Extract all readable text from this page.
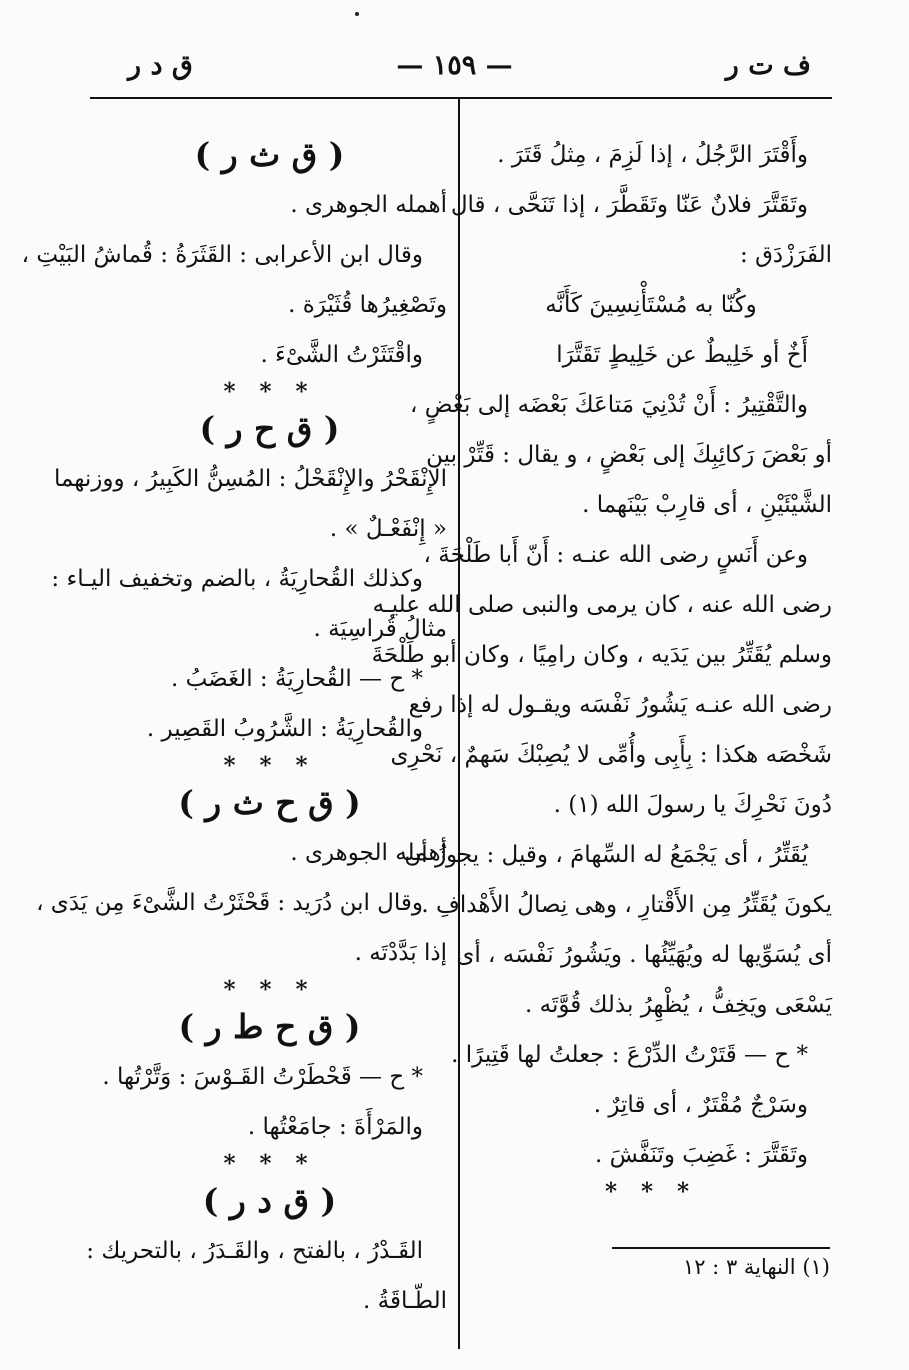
ف ت ر
— ١٥٩ —
ق د ر
وأَقْتَرَ الرَّجُلُ ، إذا لَزِمَ ، مِثلُ قَتَرَ .
وتَقَتَّرَ فلانٌ عَنّا وتَقَطَّرَ ، إذا تَنَحَّى ، قال
الفَرَزْدَق :
وكُنّا به مُسْتَأْنِسِينَ كَأَنَّه
أَخٌ أو خَلِيطٌ عن خَلِيطٍ تَقَتَّرَا
والتَّقْتِيرُ : أَنْ تُدْنِيَ مَتاعَكَ بَعْضَه إلى بَعْضٍ ،
أو بَعْضَ رَكائِبِكَ إلى بَعْضٍ ، و يقال : قَتِّرْ بين
الشَّيْئَيْنِ ، أى قارِبْ بَيْنَهما .
وعن أَنَسٍ رضى الله عنـه : أَنّ أَبا طَلْحَةَ ،
رضى الله عنه ، كان يرمى والنبى صلى الله عليـه
وسلم يُقَتِّرُ بين يَدَيه ، وكان رامِيًا ، وكان أبو طَلْحَةَ
رضى الله عنـه يَشُورُ نَفْسَه ويقـول له إذا رفع
شَخْصَه هكذا : بِأَبِى وأُمِّى لا يُصِبْكَ سَهمٌ ، نَحْرِى
دُونَ نَحْرِكَ يا رسولَ الله (١) .
يُقَتِّرُ ، أى يَجْمَعُ له السِّهامَ ، وقيل : يجوزُ أن
يكونَ يُقَتِّرُ مِن الأَقْتارِ ، وهى نِصالُ الأَهْدافِ .
أى يُسَوِّيها له ويُهَيِّئُها . ويَشُورُ نَفْسَه ، أى
يَسْعَى ويَخِفُّ ، يُظْهِرُ بذلك قُوَّتَه .
* ح — قَتَرْتُ الدِّرْعَ : جعلتُ لها قَتِيرًا .
وسَرْجٌ مُقْتَرٌ ، أى قاتِرٌ .
وتَقَتَّرَ : غَضِبَ وتَنَفَّشَ .
* * *
( ق ث ر )
أهمله الجوهرى .
وقال ابن الأعرابى : القَثَرَةُ : قُماشُ البَيْتِ ،
وتَصْغِيرُها قُثَيْرَة .
واقْتَثَرْتُ الشَّىْءَ .
* * *
( ق ح ر )
الإِنْقَحْرُ والإِنْقَحْلُ : المُسِنُّ الكَبِيرُ ، ووزنهما
« إِنْفَعْـلٌ » .
وكذلك القُحارِيَةُ ، بالضم وتخفيف اليـاء :
مثالُ قُراسِيَة .
* ح — القُحارِيَةُ : الغَضَبُ .
والقُحارِيَةُ : الشَّرُوبُ القَصِير .
* * *
( ق ح ث ر )
أهمله الجوهرى .
وقال ابن دُرَيد : قَحْثَرْتُ الشَّىْءَ مِن يَدَى ،
إذا بَدَّدْتَه .
* * *
( ق ح ط ر )
* ح — قَحْطَرْتُ القَـوْسَ : وَتَّرْتُها .
والمَرْأَةَ : جامَعْتُها .
* * *
( ق د ر )
القَـدْرُ ، بالفتح ، والقَـدَرُ ، بالتحريك :
الطّـاقَةُ .
(١) النهاية ٣ : ١٢
